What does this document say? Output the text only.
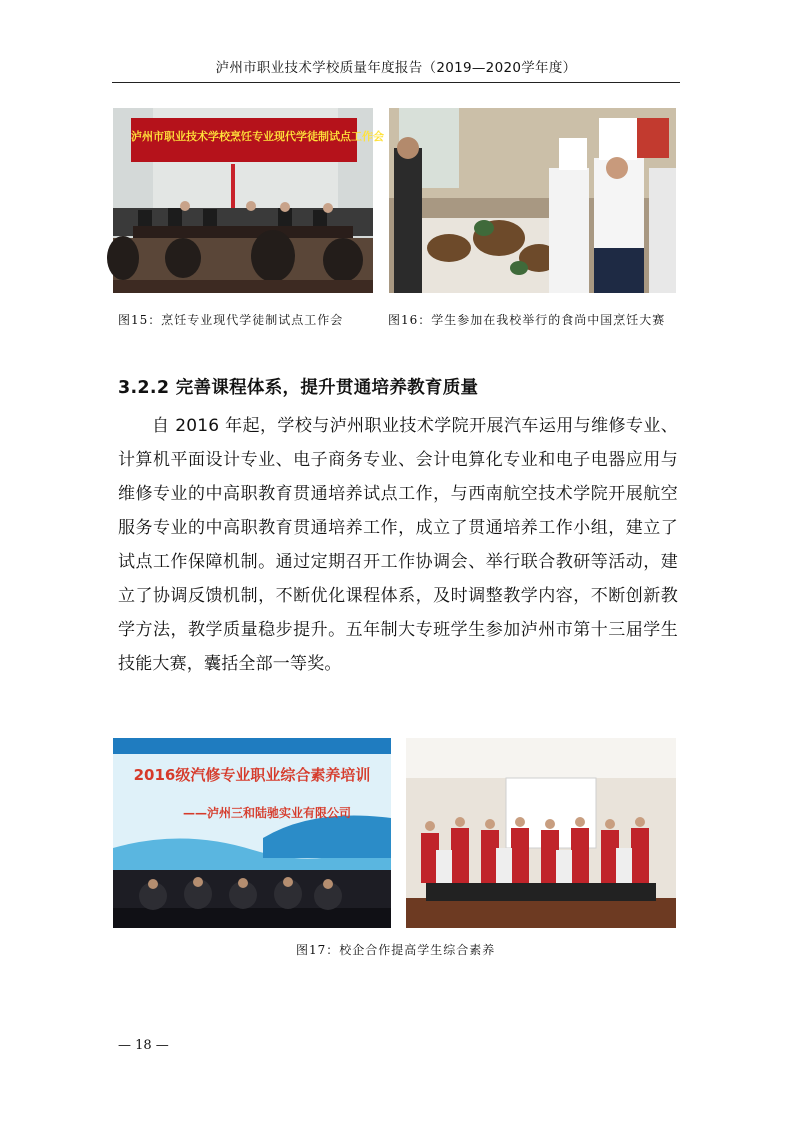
泸州市职业技术学校质量年度报告（2019—2020学年度）
泸州市职业技术学校烹饪专业现代学徒制试点工作会
图15：烹饪专业现代学徒制试点工作会	图16：学生参加在我校举行的食尚中国烹饪大赛
3.2.2 完善课程体系，提升贯通培养教育质量

自 2016 年起，学校与泸州职业技术学院开展汽车运用与维修专业、计算机平面设计专业、电子商务专业、会计电算化专业和电子电器应用与维修专业的中高职教育贯通培养试点工作，与西南航空技术学院开展航空服务专业的中高职教育贯通培养工作，成立了贯通培养工作小组，建立了试点工作保障机制。通过定期召开工作协调会、举行联合教研等活动，建立了协调反馈机制，不断优化课程体系，及时调整教学内容，不断创新教学方法，教学质量稳步提升。五年制大专班学生参加泸州市第十三届学生技能大赛，囊括全部一等奖。

2016级汽修专业职业综合素养培训
——泸州三和陆驰实业有限公司
图17：校企合作提高学生综合素养
— 18 —
